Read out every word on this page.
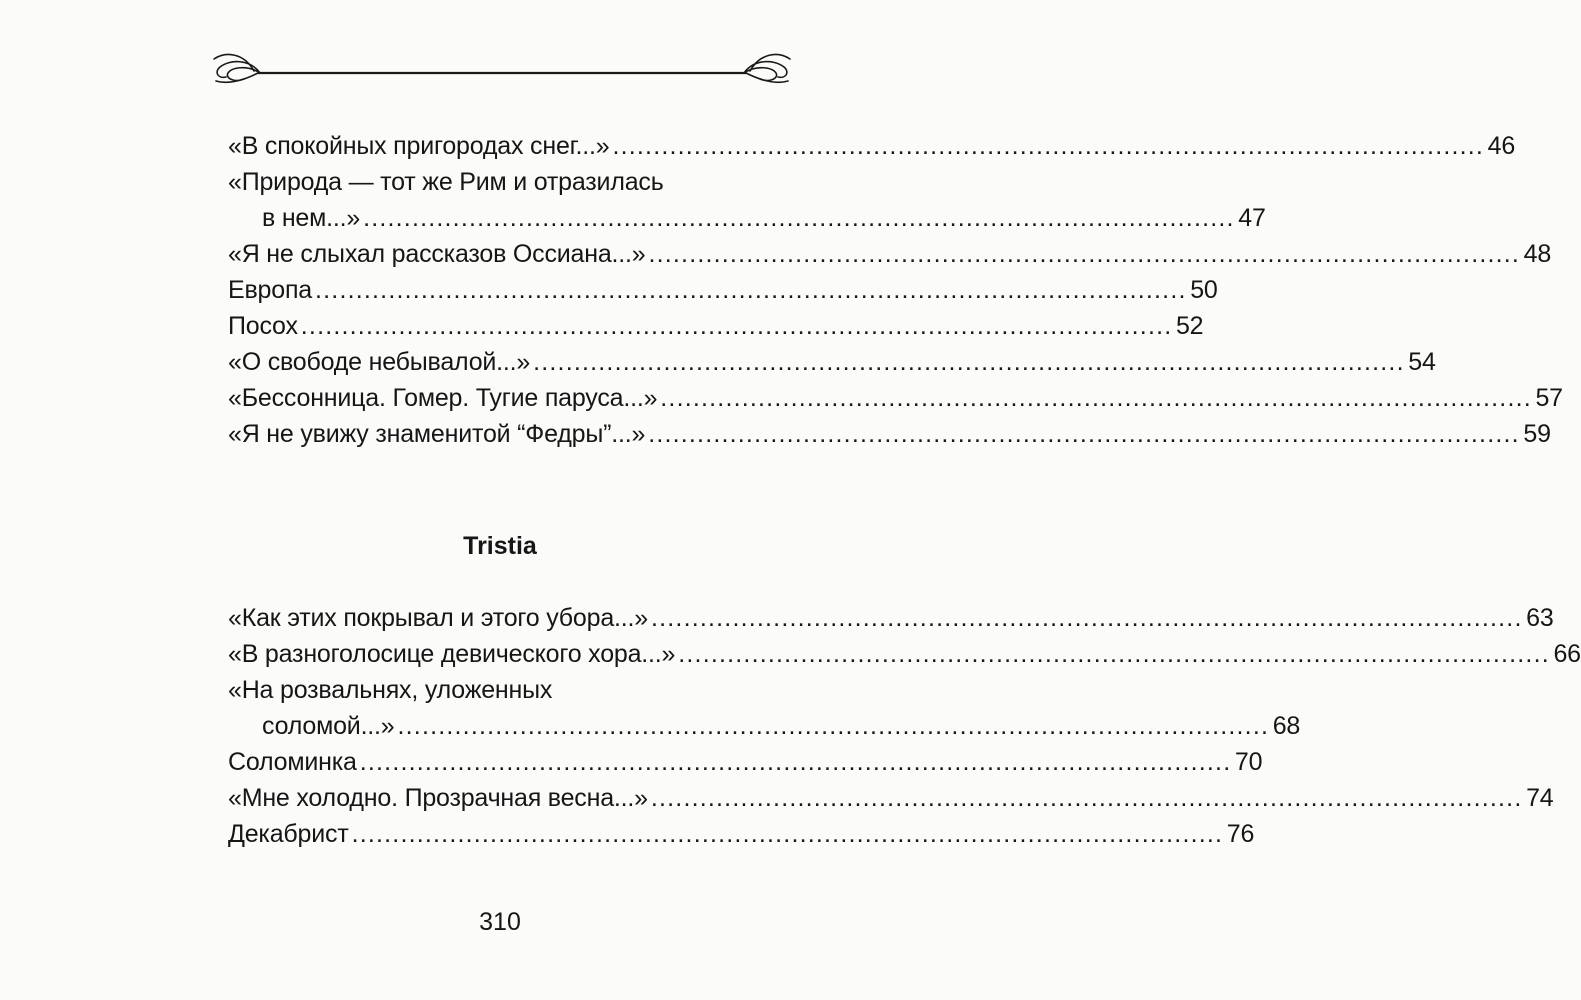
«В спокойных пригородах снег...» ........................................................................................................... 46
«Природа — тот же Рим и отразилась
в нем...» ........................................................................................................... 47
«Я не слыхал рассказов Оссиана...» ........................................................................................................... 48
Европа ........................................................................................................... 50
Посох ........................................................................................................... 52
«О свободе небывалой...» ........................................................................................................... 54
«Бессонница. Гомер. Тугие паруса...» ........................................................................................................... 57
«Я не увижу знаменитой “Федры”...» ........................................................................................................... 59
Tristia
«Как этих покрывал и этого убора...» ........................................................................................................... 63
«В разноголосице девического хора...» ........................................................................................................... 66
«На розвальнях, уложенных
соломой...» ........................................................................................................... 68
Соломинка ........................................................................................................... 70
«Мне холодно. Прозрачная весна...» ........................................................................................................... 74
Декабрист ........................................................................................................... 76
310
